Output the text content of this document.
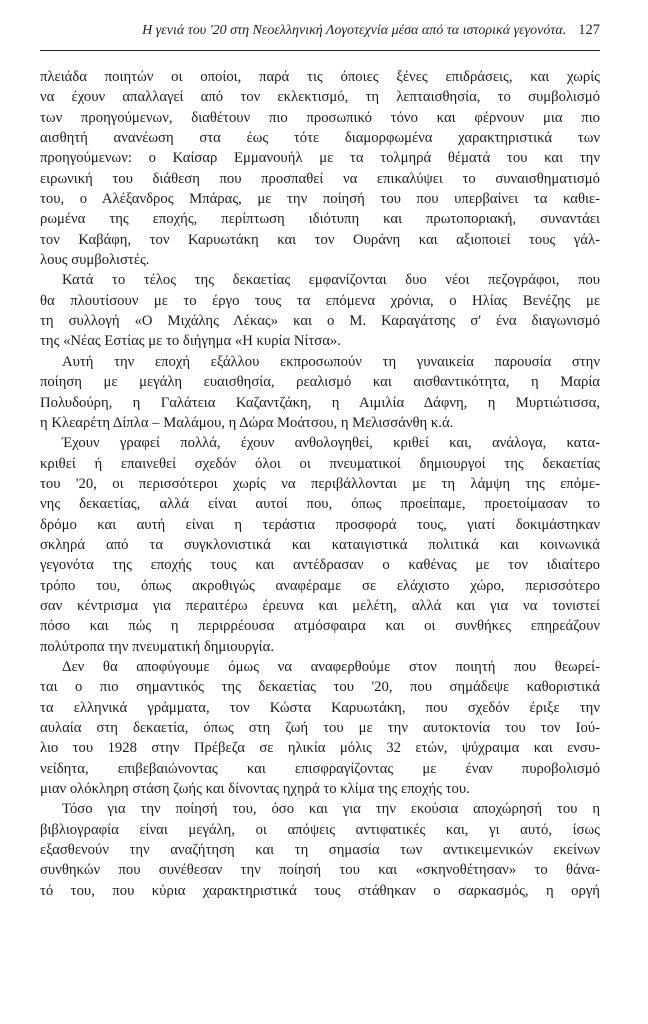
Η γενιά του '20 στη Νεοελληνική Λογοτεχνία μέσα από τα ιστορικά γεγονότα. 127
πλειάδα ποιητών οι οποίοι, παρά τις όποιες ξένες επιδράσεις, και χωρίς
να έχουν απαλλαγεί από τον εκλεκτισμό, τη λεπταισθησία, το συμβολισμό
των προηγούμενων, διαθέτουν πιο προσωπικό τόνο και φέρνουν μια πιο
αισθητή ανανέωση στα έως τότε διαμορφωμένα χαρακτηριστικά των
προηγούμενων: ο Καίσαρ Εμμανουήλ με τα τολμηρά θέματά του και την
ειρωνική του διάθεση που προσπαθεί να επικαλύψει το συναισθηματισμό
του, ο Αλέξανδρος Μπάρας, με την ποίησή του που υπερβαίνει τα καθιε-
ρωμένα της εποχής, περίπτωση ιδιότυπη και πρωτοποριακή, συναντάει
τον Καβάφη, τον Καρυωτάκη και τον Ουράνη και αξιοποιεί τους γάλ-
λους συμβολιστές.
Κατά το τέλος της δεκαετίας εμφανίζονται δυο νέοι πεζογράφοι, που
θα πλουτίσουν με το έργο τους τα επόμενα χρόνια, ο Ηλίας Βενέζης με
τη συλλογή «Ο Μιχάλης Λέκας» και ο Μ. Καραγάτσης σ' ένα διαγωνισμό
της «Νέας Εστίας με το διήγημα «Η κυρία Νίτσα».
Αυτή την εποχή εξάλλου εκπροσωπούν τη γυναικεία παρουσία στην
ποίηση με μεγάλη ευαισθησία, ρεαλισμό και αισθαντικότητα, η Μαρία
Πολυδούρη, η Γαλάτεια Καζαντζάκη, η Αιμιλία Δάφνη, η Μυρτιώτισσα,
η Κλεαρέτη Δίπλα – Μαλάμου, η Δώρα Μοάτσου, η Μελισσάνθη κ.ά.
Έχουν γραφεί πολλά, έχουν ανθολογηθεί, κριθεί και, ανάλογα, κατα-
κριθεί ή επαινεθεί σχεδόν όλοι οι πνευματικοί δημιουργοί της δεκαετίας
του '20, οι περισσότεροι χωρίς να περιβάλλονται με τη λάμψη της επόμε-
νης δεκαετίας, αλλά είναι αυτοί που, όπως προείπαμε, προετοίμασαν το
δρόμο και αυτή είναι η τεράστια προσφορά τους, γιατί δοκιμάστηκαν
σκληρά από τα συγκλονιστικά και καταιγιστικά πολιτικά και κοινωνικά
γεγονότα της εποχής τους και αντέδρασαν ο καθένας με τον ιδιαίτερο
τρόπο του, όπως ακροθιγώς αναφέραμε σε ελάχιστο χώρο, περισσότερο
σαν κέντρισμα για περαιτέρω έρευνα και μελέτη, αλλά και για να τονιστεί
πόσο και πώς η περιρρέουσα ατμόσφαιρα και οι συνθήκες επηρεάζουν
πολύτροπα την πνευματική δημιουργία.
Δεν θα αποφύγουμε όμως να αναφερθούμε στον ποιητή που θεωρεί-
ται ο πιο σημαντικός της δεκαετίας του '20, που σημάδεψε καθοριστικά
τα ελληνικά γράμματα, τον Κώστα Καρυωτάκη, που σχεδόν έριξε την
αυλαία στη δεκαετία, όπως στη ζωή του με την αυτοκτονία του τον Ιού-
λιο του 1928 στην Πρέβεζα σε ηλικία μόλις 32 ετών, ψύχραιμα και ενσυ-
νείδητα, επιβεβαιώνοντας και επισφραγίζοντας με έναν πυροβολισμό
μιαν ολόκληρη στάση ζωής και δίνοντας ηχηρά το κλίμα της εποχής του.
Τόσο για την ποίησή του, όσο και για την εκούσια αποχώρησή του η
βιβλιογραφία είναι μεγάλη, οι απόψεις αντιφατικές και, γι αυτό, ίσως
εξασθενούν την αναζήτηση και τη σημασία των αντικειμενικών εκείνων
συνθηκών που συνέθεσαν την ποίησή του και «σκηνοθέτησαν» το θάνα-
τό του, που κύρια χαρακτηριστικά τους στάθηκαν ο σαρκασμός, η οργή
